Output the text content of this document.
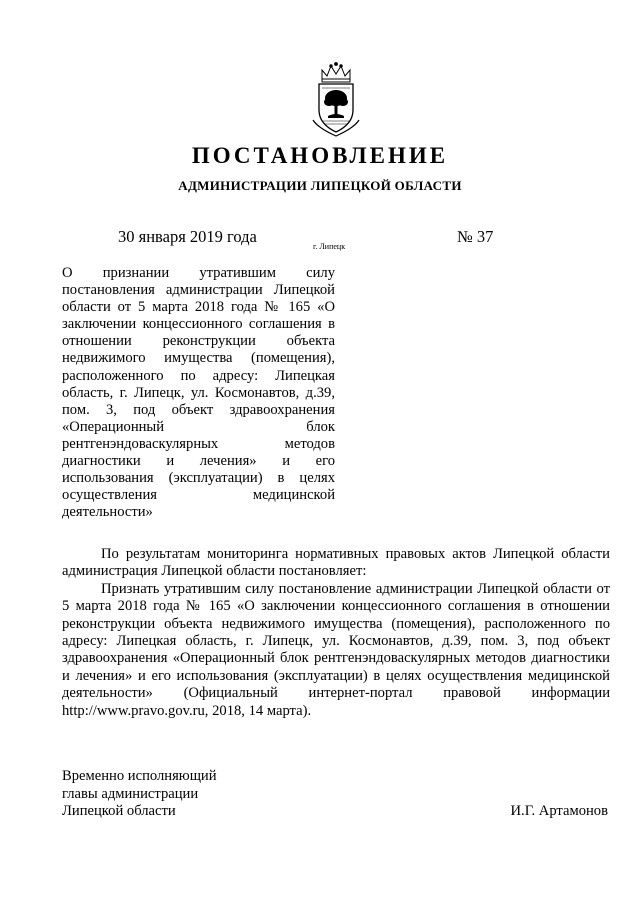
ПОСТАНОВЛЕНИЕ
АДМИНИСТРАЦИИ ЛИПЕЦКОЙ ОБЛАСТИ
30 января 2019 года
г. Липецк
№ 37
О признании утратившим силу постановления администрации Липецкой области от 5 марта 2018 года № 165 «О заключении концессионного соглашения в отношении реконструкции объекта недвижимого имущества (помещения), расположенного по адресу: Липецкая область, г. Липецк, ул. Космонавтов, д.39, пом. 3, под объект здравоохранения «Операционный блок рентгенэндоваскулярных методов диагностики и лечения» и его использования (эксплуатации) в целях осуществления медицинской деятельности»

По результатам мониторинга нормативных правовых актов Липецкой области администрация Липецкой области постановляет:

Признать утратившим силу постановление администрации Липецкой области от 5 марта 2018 года № 165 «О заключении концессионного соглашения в отношении реконструкции объекта недвижимого имущества (помещения), расположенного по адресу: Липецкая область, г. Липецк, ул. Космонавтов, д.39, пом. 3, под объект здравоохранения «Операционный блок рентгенэндоваскулярных методов диагностики и лечения» и его использования (эксплуатации) в целях осуществления медицинской деятельности» (Официальный интернет-портал правовой информации http://www.pravo.gov.ru, 2018, 14 марта).

Временно исполняющий
главы администрации
Липецкой области	И.Г. Артамонов
